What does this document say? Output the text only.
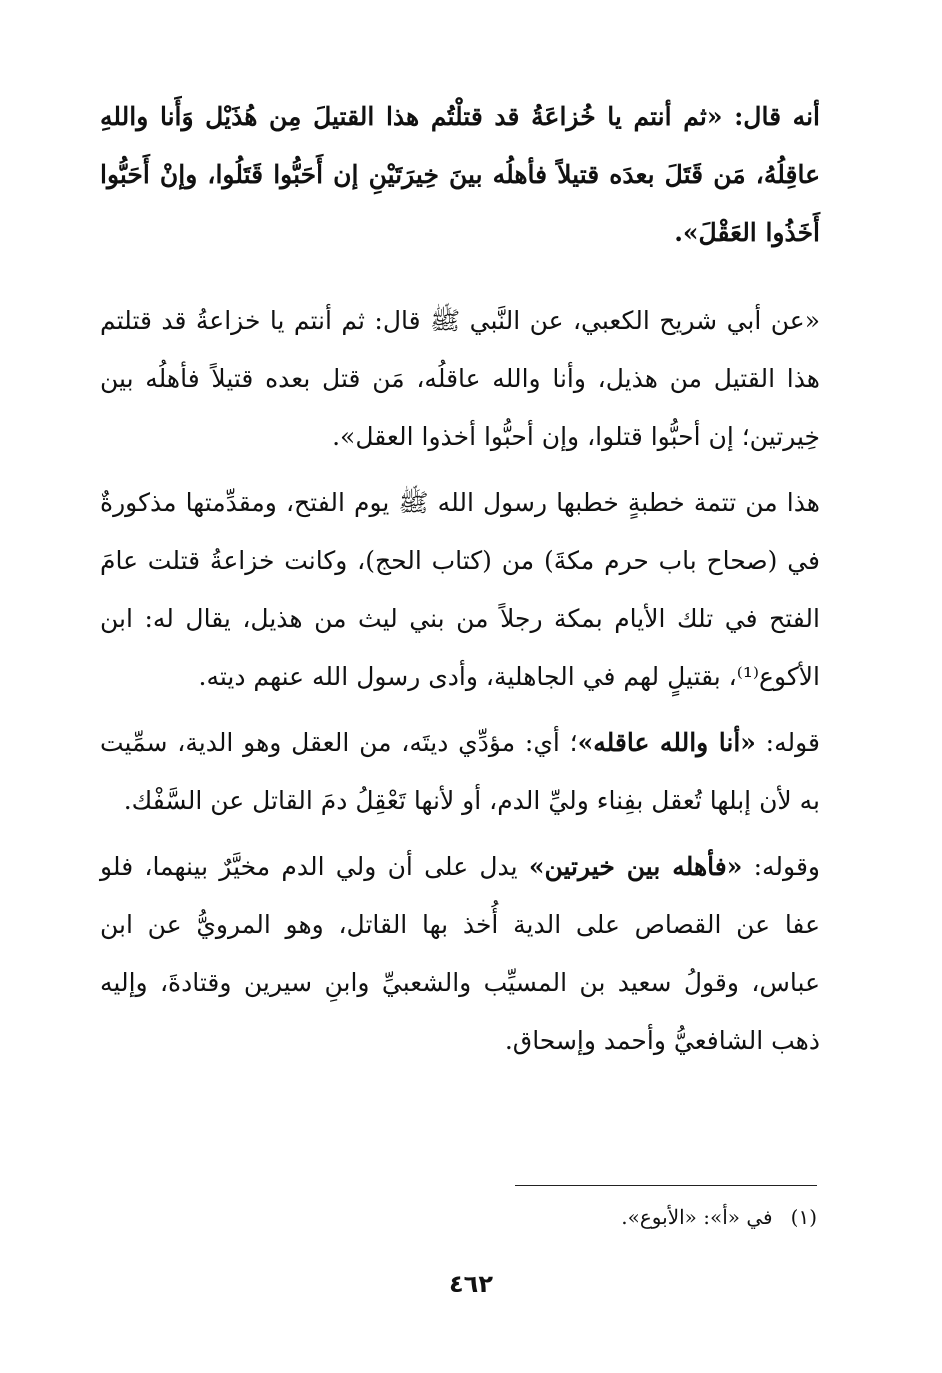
أنه قال: «ثم أنتم يا خُزاعَةُ قد قتلْتُم هذا القتيلَ مِن هُذَيْل وَأَنا واللهِ عاقِلُهُ، مَن قَتَلَ بعدَه قتيلاً فأهلُه بينَ خِيرَتَيْنِ إن أَحَبُّوا قَتَلُوا، وإنْ أَحَبُّوا أَخَذُوا العَقْلَ».

«عن أبي شريح الكعبي، عن النَّبي ﷺ قال: ثم أنتم يا خزاعةُ قد قتلتم هذا القتيل من هذيل، وأنا والله عاقلُه، مَن قتل بعده قتيلاً فأهلُه بين خِيرتين؛ إن أحبُّوا قتلوا، وإن أحبُّوا أخذوا العقل».

هذا من تتمة خطبةٍ خطبها رسول الله ﷺ يوم الفتح، ومقدِّمتها مذكورةٌ في (صحاح باب حرم مكةَ) من (كتاب الحج)، وكانت خزاعةُ قتلت عامَ الفتح في تلك الأيام بمكة رجلاً من بني ليث من هذيل، يقال له: ابن الأكوع⁽¹⁾، بقتيلٍ لهم في الجاهلية، وأدى رسول الله عنهم ديته.

قوله: «أنا والله عاقله»؛ أي: مؤدِّي ديتَه، من العقل وهو الدية، سمِّيت به لأن إبلها تُعقل بفِناء وليِّ الدم، أو لأنها تَعْقِلُ دمَ القاتل عن السَّفْك.

وقوله: «فأهله بين خيرتين» يدل على أن ولي الدم مخيَّرٌ بينهما، فلو عفا عن القصاص على الدية أُخذ بها القاتل، وهو المرويُّ عن ابن عباس، وقولُ سعيد بن المسيِّب والشعبيِّ وابنِ سيرين وقتادةَ، وإليه ذهب الشافعيُّ وأحمد وإسحاق.

(١)في «أ»: «الأبوع».
٤٦٢
